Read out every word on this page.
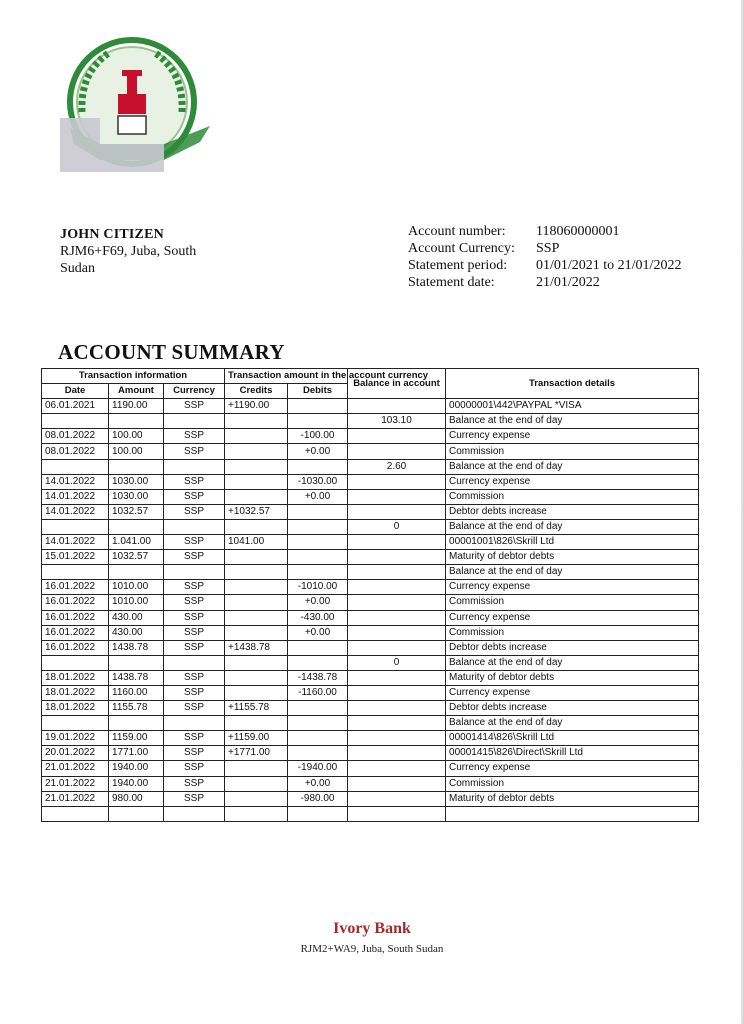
JOHN CITIZEN
RJM6+F69, Juba, South
Sudan
Account number:	118060000001
Account Currency:	SSP
Statement period:	01/01/2021 to 21/01/2022
Statement date:	21/01/2022
ACCOUNT SUMMARY
Transaction information			Transaction amount in the account currency		Balance in account	Transaction details
Date	Amount	Currency	Credits	Debits		
06.01.2021	1190.00	SSP	+1190.00			00000001\442\PAYPAL *VISA
					103.10	Balance at the end of day
08.01.2022	100.00	SSP		-100.00		Currency expense
08.01.2022	100.00	SSP		+0.00		Commission
					2.60	Balance at the end of day
14.01.2022	1030.00	SSP		-1030.00		Currency expense
14.01.2022	1030.00	SSP		+0.00		Commission
14.01.2022	1032.57	SSP	+1032.57			Debtor debts increase
					0	Balance at the end of day
14.01.2022	1.041.00	SSP	1041.00			00001001\826\Skrill Ltd
15.01.2022	1032.57	SSP				Maturity of debtor debts
						Balance at the end of day
16.01.2022	1010.00	SSP		-1010.00		Currency expense
16.01.2022	1010.00	SSP		+0.00		Commission
16.01.2022	430.00	SSP		-430.00		Currency expense
16.01.2022	430.00	SSP		+0.00		Commission
16.01.2022	1438.78	SSP	+1438.78			Debtor debts increase
					0	Balance at the end of day
18.01.2022	1438.78	SSP		-1438.78		Maturity of debtor debts
18.01.2022	1160.00	SSP		-1160.00		Currency expense
18.01.2022	1155.78	SSP	+1155.78			Debtor debts increase
						Balance at the end of day
19.01.2022	1159.00	SSP	+1159.00			00001414\826\Skrill Ltd
20.01.2022	1771.00	SSP	+1771.00			00001415\826\Direct\Skrill Ltd
21.01.2022	1940.00	SSP		-1940.00		Currency expense
21.01.2022	1940.00	SSP		+0.00		Commission
21.01.2022	980.00	SSP		-980.00		Maturity of debtor debts

Ivory Bank
RJM2+WA9, Juba, South Sudan
